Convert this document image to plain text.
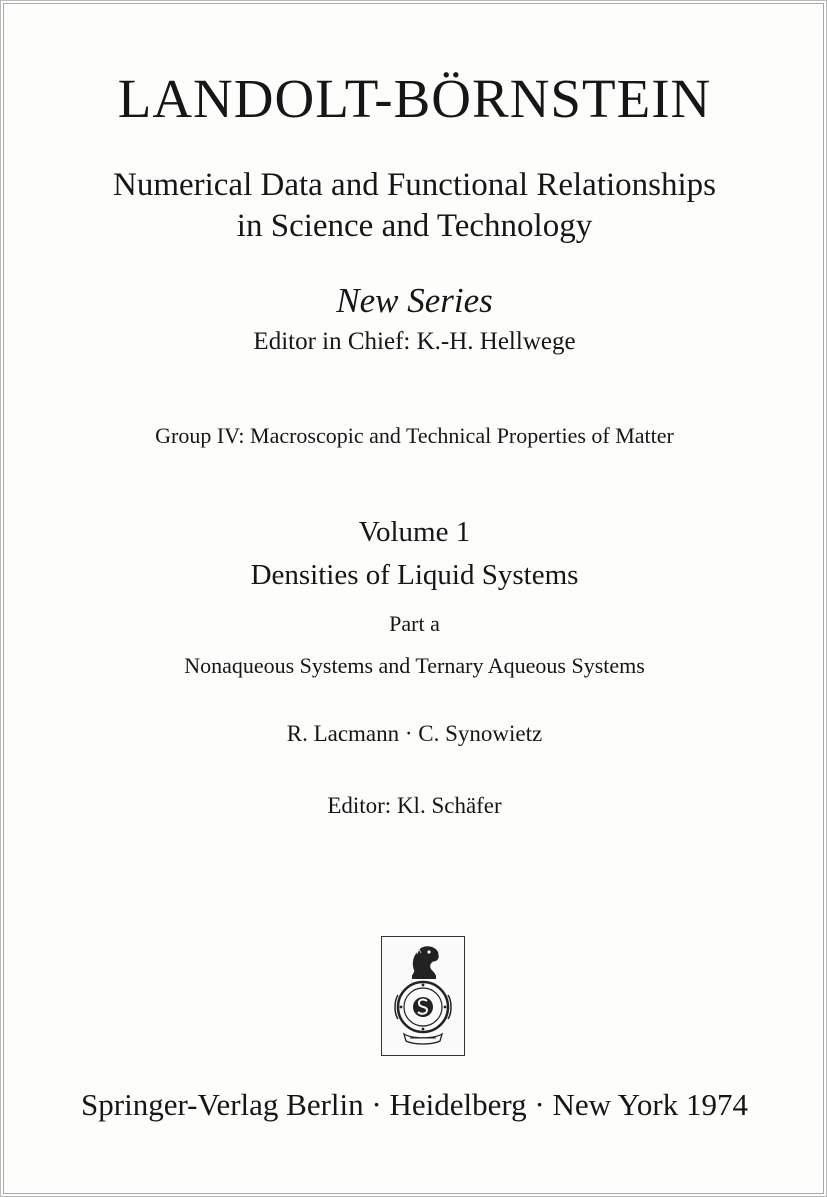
LANDOLT-BÖRNSTEIN
Numerical Data and Functional Relationships
in Science and Technology
New Series
Editor in Chief: K.-H. Hellwege
Group IV: Macroscopic and Technical Properties of Matter
Volume 1
Densities of Liquid Systems
Part a
Nonaqueous Systems and Ternary Aqueous Systems
R. Lacmann · C. Synowietz
Editor: Kl. Schäfer
Springer-Verlag Berlin · Heidelberg · New York 1974
